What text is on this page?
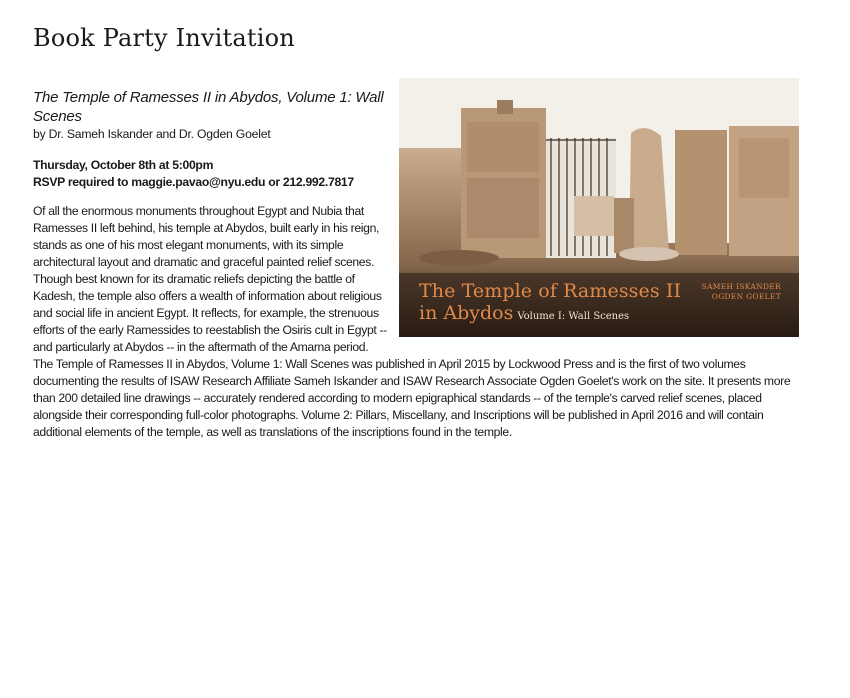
Book Party Invitation

The Temple of Ramesses II in Abydos, Volume 1: Wall Scenes

by Dr. Sameh Iskander and Dr. Ogden Goelet

Thursday, October 8th at 5:00pm

RSVP required to maggie.pavao@nyu.edu or 212.992.7817

Of all the enormous monuments throughout Egypt and Nubia that Ramesses II left behind, his temple at Abydos, built early in his reign, stands as one of his most elegant monuments, with its simple architectural layout and dramatic and graceful painted relief scenes. Though best known for its dramatic reliefs depicting the battle of Kadesh, the temple also offers a wealth of information about religious and social life in ancient Egypt. It reflects, for example, the strenuous efforts of the early Ramessides to reestablish the Osiris cult in Egypt -- and particularly at Abydos -- in the aftermath of the Amarna period.

The Temple of Ramesses II
in Abydos Volume I: Wall Scenes
SAMEH ISKANDER
OGDEN GOELET

The Temple of Ramesses II in Abydos, Volume 1: Wall Scenes was published in April 2015 by Lockwood Press and is the first of two volumes documenting the results of ISAW Research Affiliate Sameh Iskander and ISAW Research Associate Ogden Goelet's work on the site. It presents more than 200 detailed line drawings -- accurately rendered according to modern epigraphical standards -- of the temple's carved relief scenes, placed alongside their corresponding full-color photographs. Volume 2: Pillars, Miscellany, and Inscriptions will be published in April 2016 and will contain additional elements of the temple, as well as translations of the inscriptions found in the temple.
